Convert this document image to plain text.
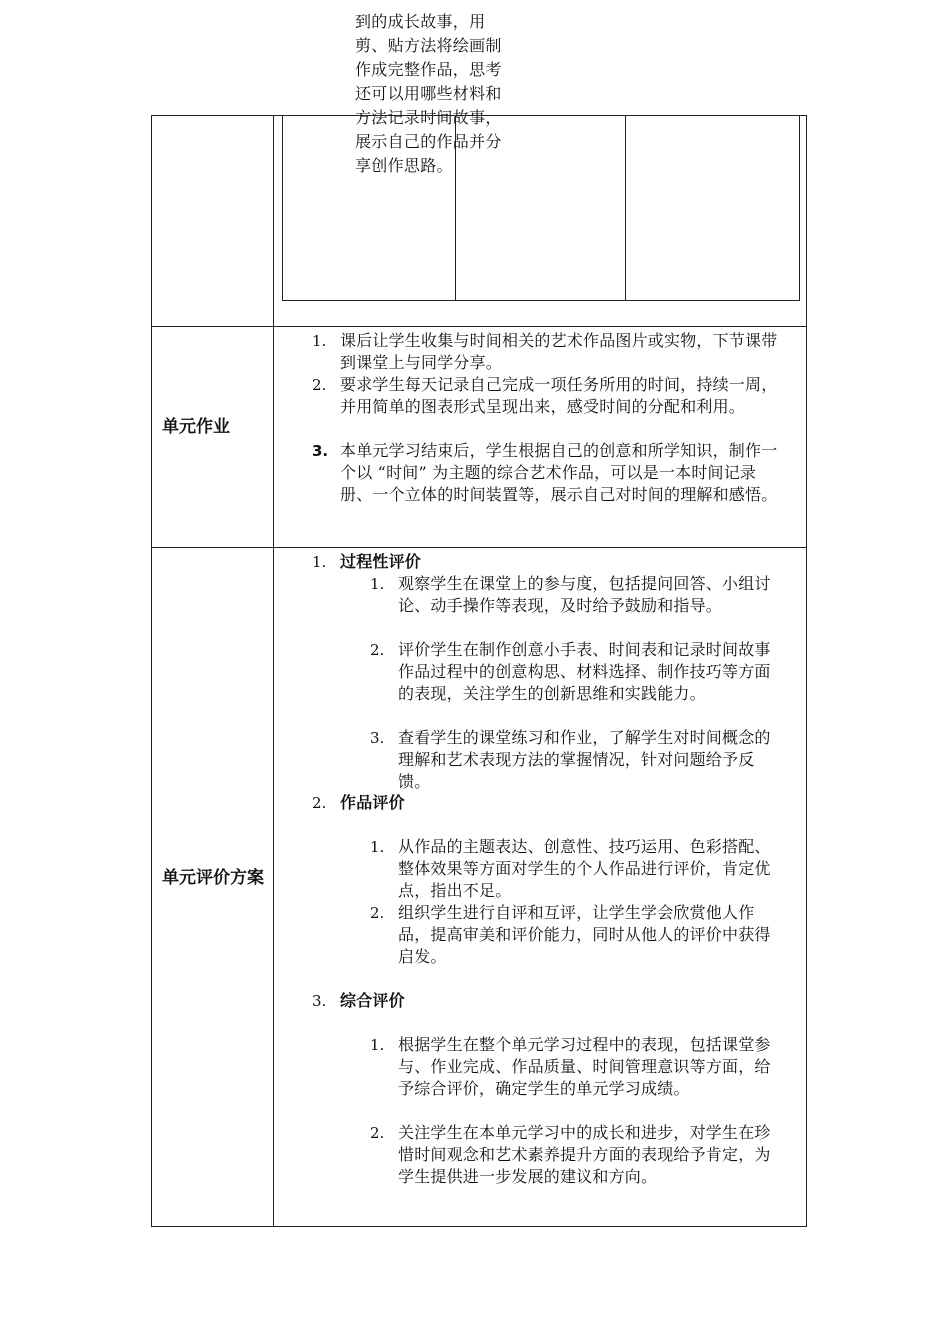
到的成长故事，用剪、贴方法将绘画制作成完整作品，思考还可以用哪些材料和方法记录时间故事，展示自己的作品并分享创作思路。
单元作业
1. 课后让学生收集与时间相关的艺术作品图片或实物，下节课带到课堂上与同学分享。
2. 要求学生每天记录自己完成一项任务所用的时间，持续一周，并用简单的图表形式呈现出来，感受时间的分配和利用。
3. 本单元学习结束后，学生根据自己的创意和所学知识，制作一个以 “时间” 为主题的综合艺术作品，可以是一本时间记录册、一个立体的时间装置等，展示自己对时间的理解和感悟。
单元评价方案
1. 过程性评价
1. 观察学生在课堂上的参与度，包括提问回答、小组讨论、动手操作等表现，及时给予鼓励和指导。
2. 评价学生在制作创意小手表、时间表和记录时间故事作品过程中的创意构思、材料选择、制作技巧等方面的表现，关注学生的创新思维和实践能力。
3. 查看学生的课堂练习和作业，了解学生对时间概念的理解和艺术表现方法的掌握情况，针对问题给予反馈。
2. 作品评价
1. 从作品的主题表达、创意性、技巧运用、色彩搭配、整体效果等方面对学生的个人作品进行评价，肯定优点，指出不足。
2. 组织学生进行自评和互评，让学生学会欣赏他人作品，提高审美和评价能力，同时从他人的评价中获得启发。
3. 综合评价
1. 根据学生在整个单元学习过程中的表现，包括课堂参与、作业完成、作品质量、时间管理意识等方面，给予综合评价，确定学生的单元学习成绩。
2. 关注学生在本单元学习中的成长和进步，对学生在珍惜时间观念和艺术素养提升方面的表现给予肯定，为学生提供进一步发展的建议和方向。
